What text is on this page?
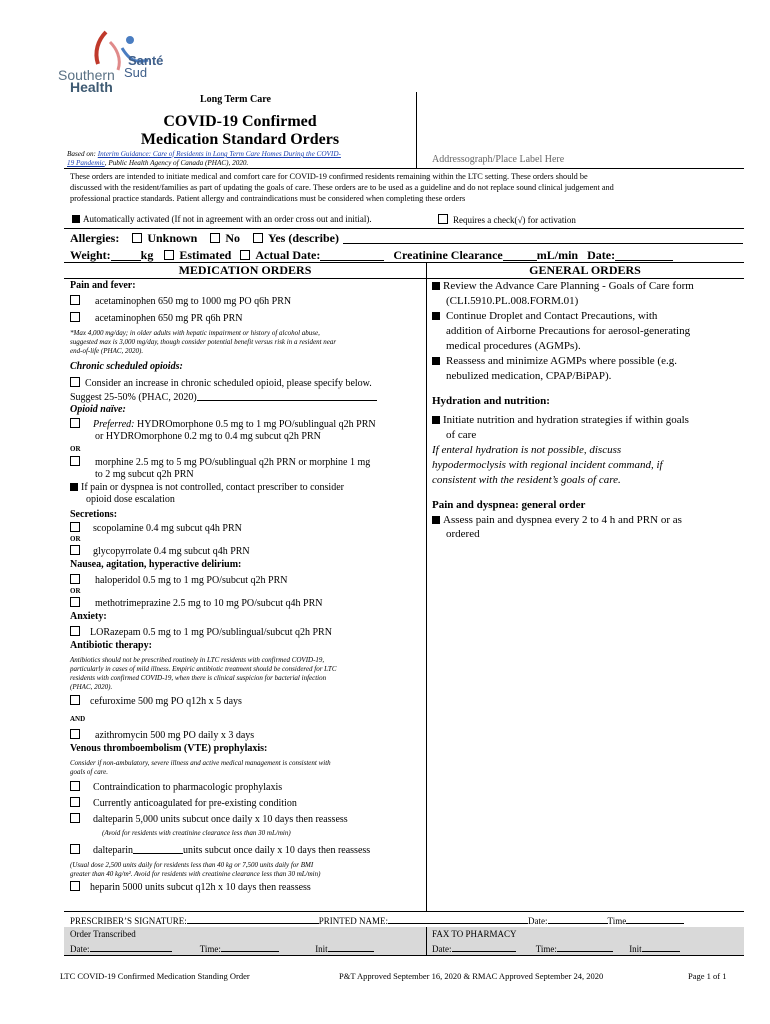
Southern
Health
Santé
Sud
Long Term Care
COVID-19 Confirmed
Medication Standard Orders
Based on: Interim Guidance: Care of Residents in Long Term Care Homes During the COVID-
19 Pandemic, Public Health Agency of Canada (PHAC), 2020.	Addressograph/Place Label Here
These orders are intended to initiate medical and comfort care for COVID-19 confirmed residents remaining within the LTC setting. These orders should be
discussed with the resident/families as part of updating the goals of care. These orders are to be used as a guideline and do not replace sound clinical judgement and
professional practice standards. Patient allergy and contraindications must be considered when completing these orders
Automatically activated (If not in agreement with an order cross out and initial).	Requires a check(√) for activation
Allergies: Unknown No Yes (describe)
Weight:	kg Estimated Actual Date:	Creatinine Clearance	mL/min Date:
MEDICATION ORDERS	GENERAL ORDERS
Pain and fever:
acetaminophen 650 mg to 1000 mg PO q6h PRN
acetaminophen 650 mg PR q6h PRN
*Max 4,000 mg/day; in older adults with hepatic impairment or history of alcohol abuse,
suggested max is 3,000 mg/day, though consider potential benefit versus risk in a resident near
end-of-life (PHAC, 2020).
Chronic scheduled opioids:
Consider an increase in chronic scheduled opioid, please specify below.
Suggest 25-50% (PHAC, 2020)
Opioid naïve:
Preferred: HYDROmorphone 0.5 mg to 1 mg PO/sublingual q2h PRN
or HYDROmorphone 0.2 mg to 0.4 mg subcut q2h PRN
OR
morphine 2.5 mg to 5 mg PO/sublingual q2h PRN or morphine 1 mg
to 2 mg subcut q2h PRN
If pain or dyspnea is not controlled, contact prescriber to consider
opioid dose escalation
Secretions:
scopolamine 0.4 mg subcut q4h PRN
OR
glycopyrrolate 0.4 mg subcut q4h PRN
Nausea, agitation, hyperactive delirium:
haloperidol 0.5 mg to 1 mg PO/subcut q2h PRN
OR
methotrimeprazine 2.5 mg to 10 mg PO/subcut q4h PRN
Anxiety:
LORazepam 0.5 mg to 1 mg PO/sublingual/subcut q2h PRN
Antibiotic therapy:
Antibiotics should not be prescribed routinely in LTC residents with confirmed COVID-19,
particularly in cases of mild illness. Empiric antibiotic treatment should be considered for LTC
residents with confirmed COVID-19, when there is clinical suspicion for bacterial infection
(PHAC, 2020).
cefuroxime 500 mg PO q12h x 5 days
AND
azithromycin 500 mg PO daily x 3 days
Venous thromboembolism (VTE) prophylaxis:
Consider if non-ambulatory, severe illness and active medical management is consistent with
goals of care.
Contraindication to pharmacologic prophylaxis
Currently anticoagulated for pre-existing condition
dalteparin 5,000 units subcut once daily x 10 days then reassess
(Avoid for residents with creatinine clearance less than 30 mL/min)
dalteparin	units subcut once daily x 10 days then reassess
(Usual dose 2,500 units daily for residents less than 40 kg or 7,500 units daily for BMI
greater than 40 kg/m². Avoid for residents with creatinine clearance less than 30 mL/min)
heparin 5000 units subcut q12h x 10 days then reassess
Review the Advance Care Planning - Goals of Care form
(CLI.5910.PL.008.FORM.01)
Continue Droplet and Contact Precautions, with
addition of Airborne Precautions for aerosol-generating
medical procedures (AGMPs).
Reassess and minimize AGMPs where possible (e.g.
nebulized medication, CPAP/BiPAP).
Hydration and nutrition:
Initiate nutrition and hydration strategies if within goals
of care
If enteral hydration is not possible, discuss
hypodermoclysis with regional incident command, if
consistent with the resident’s goals of care.
Pain and dyspnea: general order
Assess pain and dyspnea every 2 to 4 h and PRN or as
ordered
PRESCRIBER’S SIGNATURE:	PRINTED NAME:	Date:	Time
Order Transcribed
Date:	Time:	Init
FAX TO PHARMACY
Date:	Time:	Init
LTC COVID-19 Confirmed Medication Standing Order	P&T Approved September 16, 2020 & RMAC Approved September 24, 2020	Page 1 of 1
